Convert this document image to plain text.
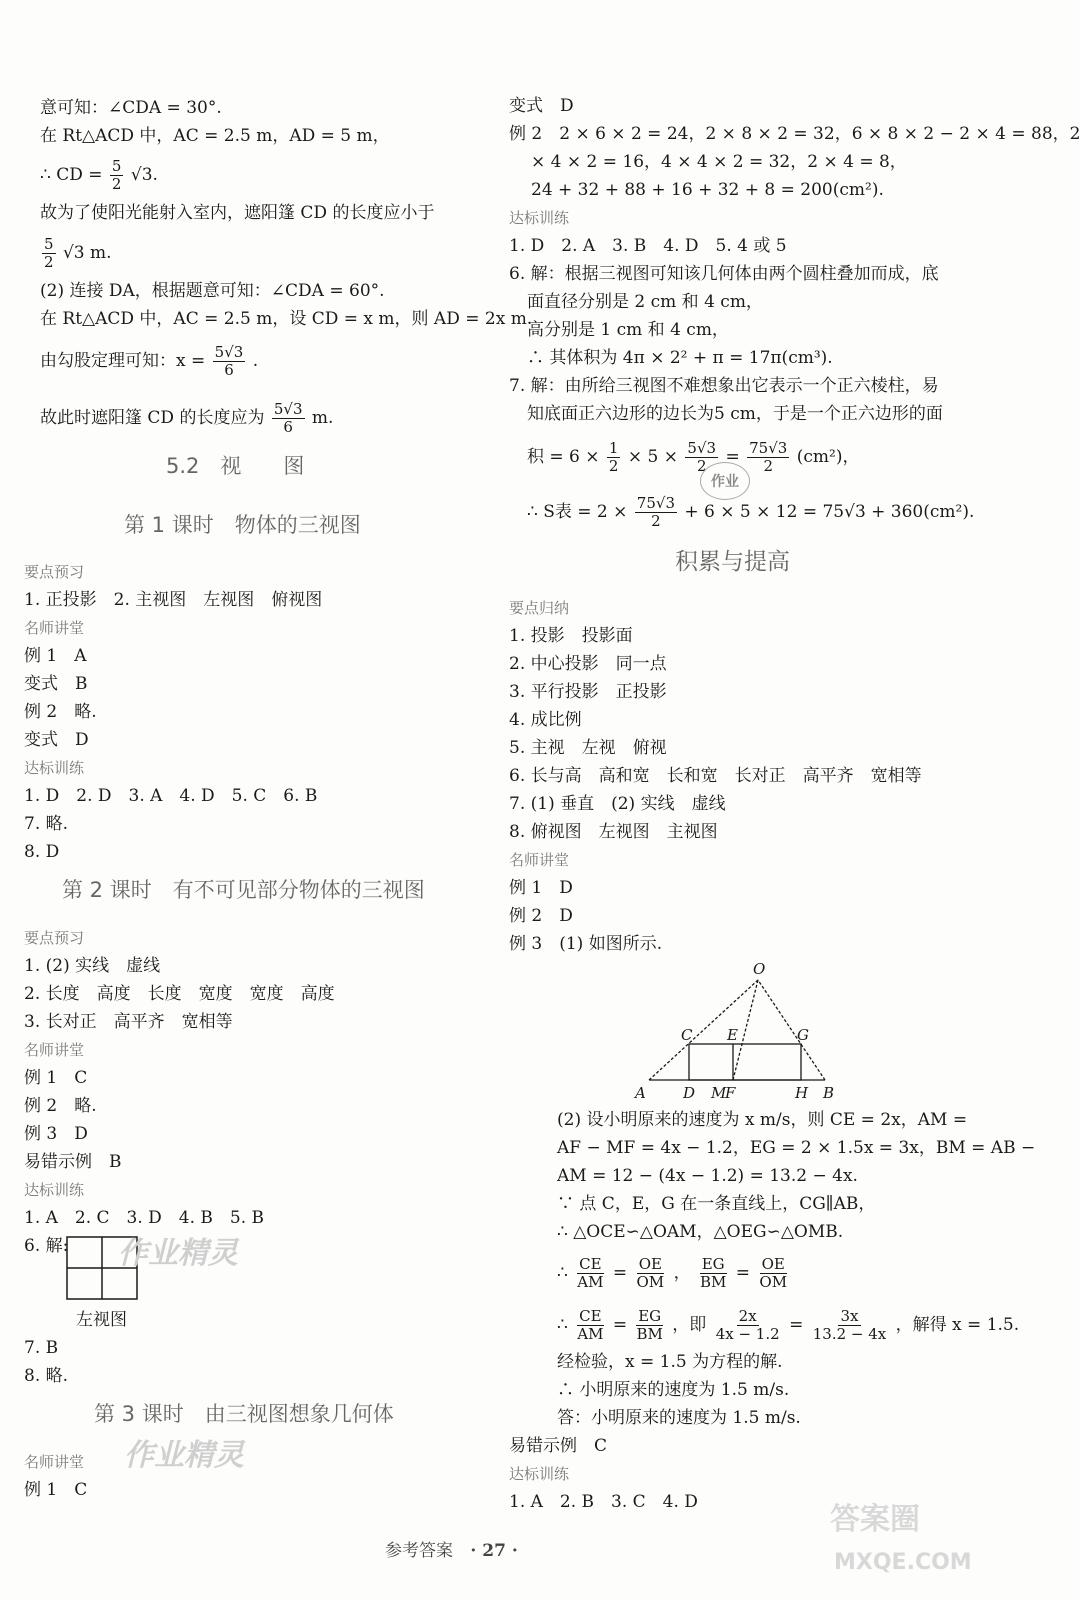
意可知：∠CDA = 30°.
在 Rt△ACD 中，AC = 2.5 m，AD = 5 m，
∴ CD = $\frac{5}{2} √3$.
故为了使阳光能射入室内，遮阳篷 CD 的长度应小于
$\frac{5}{2} √3$ m.
(2) 连接 DA，根据题意可知：∠CDA = 60°.
在 Rt△ACD 中，AC = 2.5 m，设 CD = x m，则 AD = 2x m.
由勾股定理可知：$x = \frac{5√3}{6}$ .
故此时遮阳篷 CD 的长度应为 $\frac{5√3}{6} m$.
5.2　视　　图
第 1 课时　物体的三视图
要点预习
1. 正投影　2. 主视图　左视图　俯视图
名师讲堂
例 1　A
变式　B
例 2　略.
变式　D
达标训练
1. D　2. D　3. A　4. D　5. C　6. B
7. 略.
8. D
第 2 课时　有不可见部分物体的三视图
要点预习
1. (2) 实线　虚线
2. 长度　高度　长度　宽度　宽度　高度
3. 长对正　高平齐　宽相等
名师讲堂
例 1　C
例 2　略.
例 3　D
易错示例　B
达标训练
1. A　2. C　3. D　4. B　5. B
6. 解:
左视图
7. B
8. 略.
第 3 课时　由三视图想象几何体
名师讲堂
例 1　C
变式　D
例 2　2 × 6 × 2 = 24，2 × 8 × 2 = 32，6 × 8 × 2 − 2 × 4 = 88，2
× 4 × 2 = 16，4 × 4 × 2 = 32，2 × 4 = 8，
24 + 32 + 88 + 16 + 32 + 8 = 200(cm²).
达标训练
1. D　2. A　3. B　4. D　5. 4 或 5
6. 解：根据三视图可知该几何体由两个圆柱叠加而成，底
面直径分别是 2 cm 和 4 cm，
高分别是 1 cm 和 4 cm，
∴ 其体积为 4π × 2² + π = 17π(cm³).
7. 解：由所给三视图不难想象出它表示一个正六棱柱，易
知底面正六边形的边长为5 cm，于是一个正六边形的面
积 = $6 \times \frac{1}{2} \times 5 \times \frac{5√3}{2} = \frac{75√3}{2} (cm^2)$，
∴ S表 = $2 \times \frac{75√3}{2} + 6 \times 5 \times 12 = 75√3 + 360(cm^2)$.
积累与提高
要点归纳
1. 投影　投影面
2. 中心投影　同一点
3. 平行投影　正投影
4. 成比例
5. 主视　左视　俯视
6. 长与高　高和宽　长和宽　长对正　高平齐　宽相等
7. (1) 垂直　(2) 实线　虚线
8. 俯视图　左视图　主视图
名师讲堂
例 1　D
例 2　D
例 3　(1) 如图所示.
O
C E	G
A D M
F	H B
(2) 设小明原来的速度为 x m/s，则 CE = 2x，AM =
AF − MF = 4x − 1.2，EG = 2 × 1.5x = 3x，BM = AB −
AM = 12 − (4x − 1.2) = 13.2 − 4x.
∵ 点 C，E，G 在一条直线上，CG∥AB，
∴ △OCE∽△OAM，△OEG∽△OMB.
∴ $\frac{CE}{AM} = \frac{OE}{OM}$ ， $\frac{EG}{BM} = \frac{OE}{OM}$
∴ $\frac{CE}{AM} = \frac{EG}{BM}$ ，即 $\frac{2x}{4x - 1.2} = \frac{3x}{13.2 - 4x}$ ，解得 x = 1.5.
经检验，x = 1.5 为方程的解.
∴ 小明原来的速度为 1.5 m/s.
答：小明原来的速度为 1.5 m/s.
易错示例　C
达标训练
1. A　2. B　3. C　4. D
作业精灵
作业精灵
作业
答案圈
MXQE.COM
参考答案 · 27 ·
